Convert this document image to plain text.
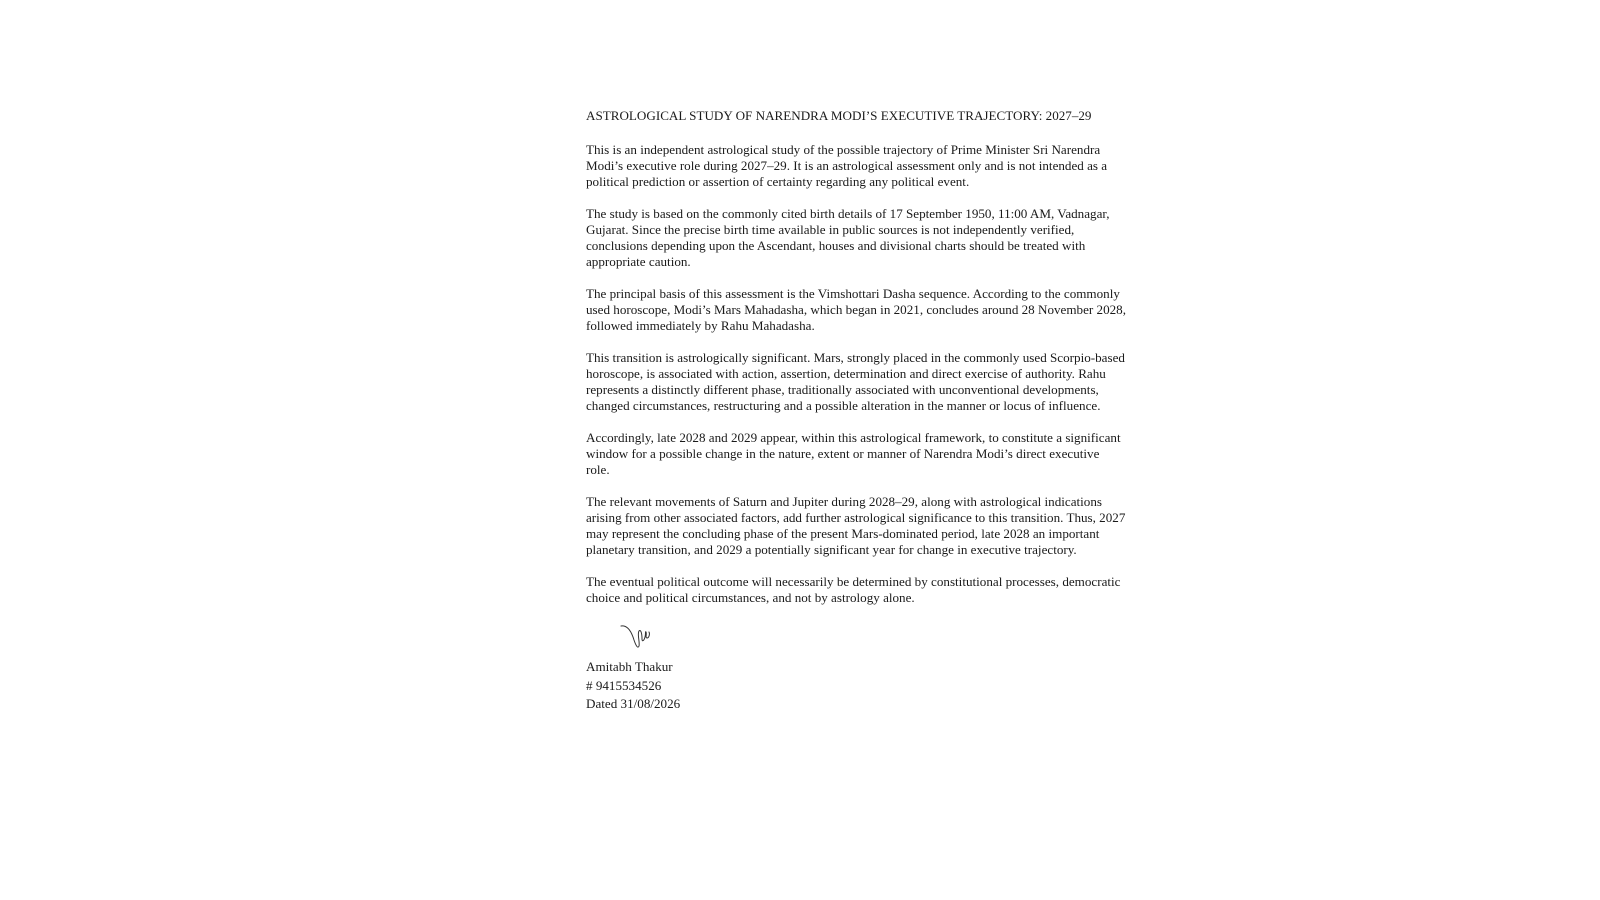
ASTROLOGICAL STUDY OF NARENDRA MODI’S EXECUTIVE TRAJECTORY: 2027–29

This is an independent astrological study of the possible trajectory of Prime Minister Sri Narendra Modi’s executive role during 2027–29. It is an astrological assessment only and is not intended as a political prediction or assertion of certainty regarding any political event.

The study is based on the commonly cited birth details of 17 September 1950, 11:00 AM, Vadnagar, Gujarat. Since the precise birth time available in public sources is not independently verified, conclusions depending upon the Ascendant, houses and divisional charts should be treated with appropriate caution.

The principal basis of this assessment is the Vimshottari Dasha sequence. According to the commonly used horoscope, Modi’s Mars Mahadasha, which began in 2021, concludes around 28 November 2028, followed immediately by Rahu Mahadasha.

This transition is astrologically significant. Mars, strongly placed in the commonly used Scorpio-based horoscope, is associated with action, assertion, determination and direct exercise of authority. Rahu represents a distinctly different phase, traditionally associated with unconventional developments, changed circumstances, restructuring and a possible alteration in the manner or locus of influence.

Accordingly, late 2028 and 2029 appear, within this astrological framework, to constitute a significant window for a possible change in the nature, extent or manner of Narendra Modi’s direct executive role.

The relevant movements of Saturn and Jupiter during 2028–29, along with astrological indications arising from other associated factors, add further astrological significance to this transition. Thus, 2027 may represent the concluding phase of the present Mars-dominated period, late 2028 an important planetary transition, and 2029 a potentially significant year for change in executive trajectory.

The eventual political outcome will necessarily be determined by constitutional processes, democratic choice and political circumstances, and not by astrology alone.

Amitabh Thakur
# 9415534526
Dated 31/08/2026
